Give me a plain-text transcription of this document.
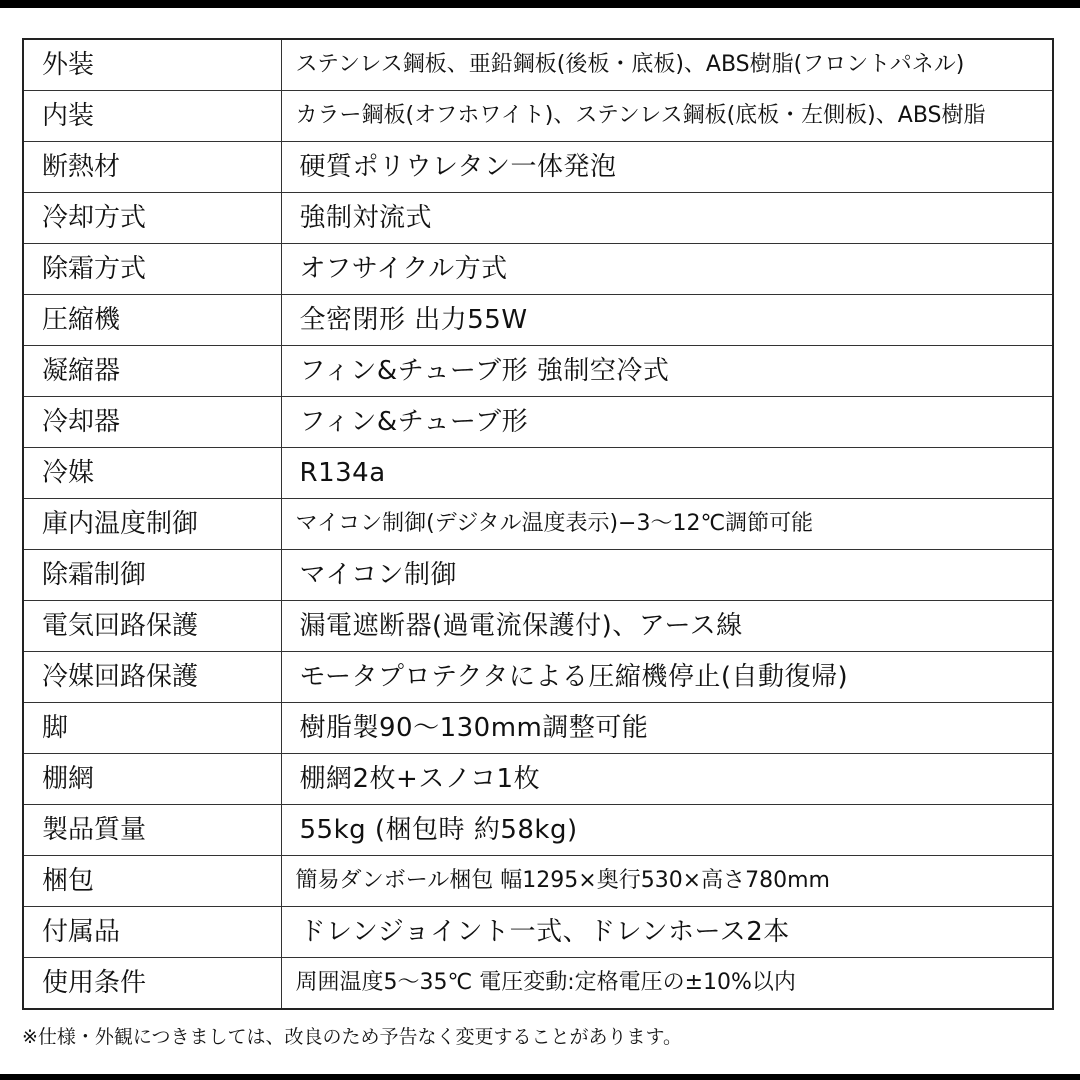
外装	ステンレス鋼板、亜鉛鋼板(後板・底板)、ABS樹脂(フロントパネル)
内装	カラー鋼板(オフホワイト)、ステンレス鋼板(底板・左側板)、ABS樹脂
断熱材	硬質ポリウレタン一体発泡
冷却方式	強制対流式
除霜方式	オフサイクル方式
圧縮機	全密閉形 出力55W
凝縮器	フィン&チューブ形 強制空冷式
冷却器	フィン&チューブ形
冷媒	R134a
庫内温度制御	マイコン制御(デジタル温度表示)−3〜12℃調節可能
除霜制御	マイコン制御
電気回路保護	漏電遮断器(過電流保護付)、アース線
冷媒回路保護	モータプロテクタによる圧縮機停止(自動復帰)
脚	樹脂製90〜130mm調整可能
棚網	棚網2枚+スノコ1枚
製品質量	55kg (梱包時 約58kg)
梱包	簡易ダンボール梱包 幅1295×奥行530×高さ780mm
付属品	ドレンジョイント一式、ドレンホース2本
使用条件	周囲温度5〜35℃ 電圧変動:定格電圧の±10%以内
※仕様・外観につきましては、改良のため予告なく変更することがあります。
